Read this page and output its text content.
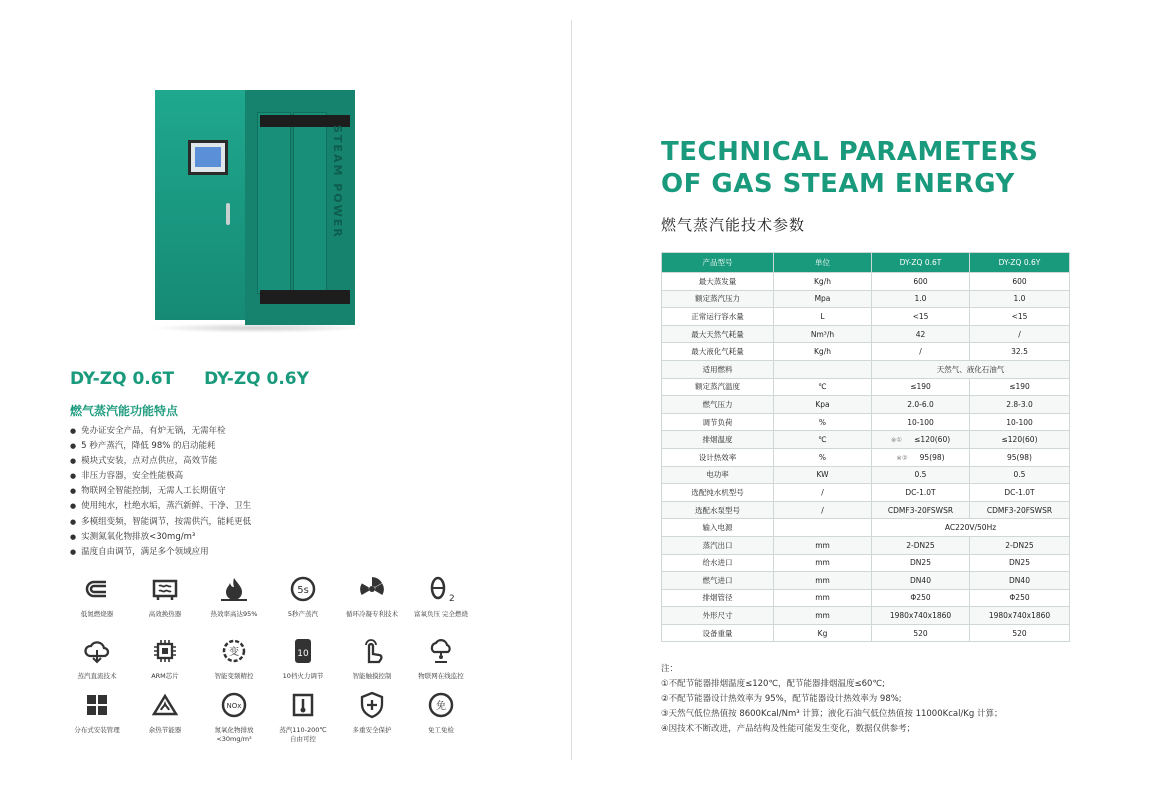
STEAM POWER
DY-ZQ 0.6T DY-ZQ 0.6Y
燃气蒸汽能功能特点
● 免办证安全产品，有炉无锅，无需年检
● 5 秒产蒸汽，降低 98% 的启动能耗
● 模块式安装，点对点供应，高效节能
● 非压力容器，安全性能极高
● 物联网全智能控制，无需人工长期值守
● 使用纯水，杜绝水垢，蒸汽新鲜、干净、卫生
● 多模组变频，智能调节，按需供汽，能耗更低
● 实测氮氧化物排放<30mg/m³
● 温度自由调节，满足多个领域应用
低氮燃烧器	高效换热器	热效率高达95%
5s
5秒产蒸汽	循环冷凝专利技术
2
富氧负压 完全燃烧
蒸汽直流技术	ARM芯片
变
智能变频精控
10
10档火力调节	智能触摸控制	物联网在线监控
分布式安装管理	余热节能器
NOx
氮氧化物排放
<30mg/m³
蒸汽110-200℃
自由可控
多重安全保护
免
免工免检
TECHNICAL PARAMETERS
OF GAS STEAM ENERGY
燃气蒸汽能技术参数
产品型号	单位	DY-ZQ 0.6T	DY-ZQ 0.6Y
最大蒸发量	Kg/h	600	600
额定蒸汽压力	Mpa	1.0	1.0
正常运行容水量	L	<15	<15
最大天然气耗量	Nm³/h	42	/
最大液化气耗量	Kg/h	/	32.5
适用燃料		天然气、液化石油气	
额定蒸汽温度	℃	≤190	≤190
燃气压力	Kpa	2.0-6.0	2.8-3.0
调节负荷	%	10-100	10-100
排烟温度	℃	※① ≤120(60)	≤120(60)
设计热效率	%	※② 95(98)	95(98)
电功率	KW	0.5	0.5
选配纯水机型号	/	DC-1.0T	DC-1.0T
选配水泵型号	/	CDMF3-20FSWSR	CDMF3-20FSWSR
输入电源		AC220V/50Hz	
蒸汽出口	mm	2-DN25	2-DN25
给水进口	mm	DN25	DN25
燃气进口	mm	DN40	DN40
排烟管径	mm	Φ250	Φ250
外形尺寸	mm	1980x740x1860	1980x740x1860
设备重量	Kg	520	520
注：
①不配节能器排烟温度≤120℃，配节能器排烟温度≤60℃;
②不配节能器设计热效率为 95%，配节能器设计热效率为 98%;
③天然气低位热值按 8600Kcal/Nm³ 计算；液化石油气低位热值按 11000Kcal/Kg 计算；
④因技术不断改进，产品结构及性能可能发生变化，数据仅供参考；
